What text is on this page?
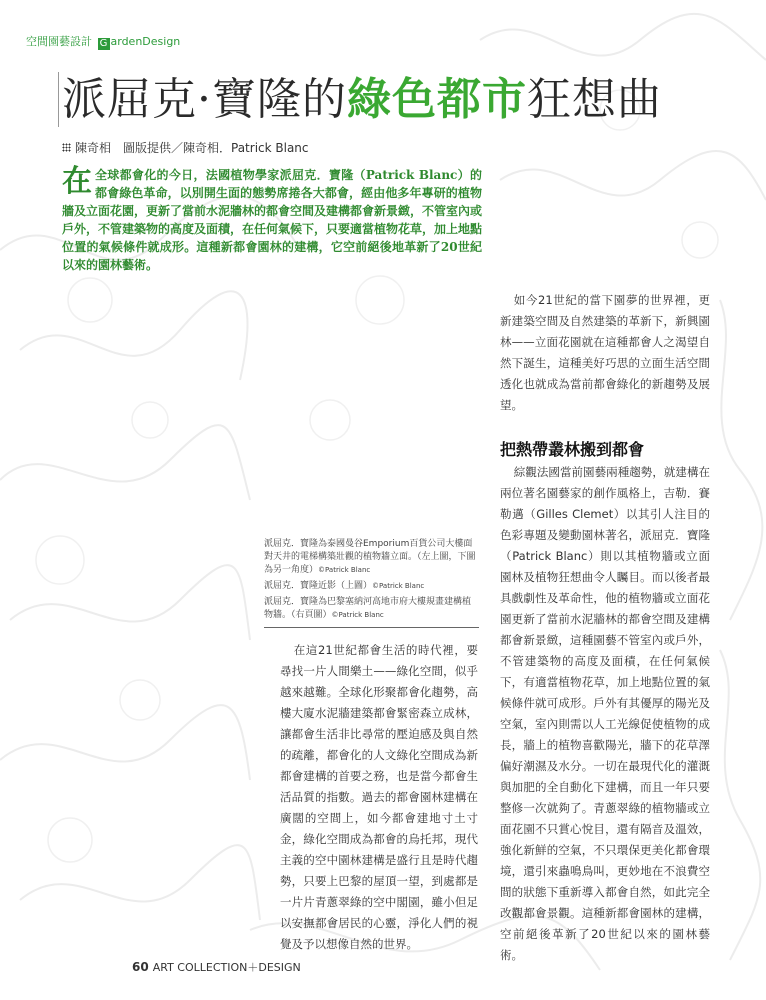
空間園藝設計 G ardenDesign
派屈克·寶隆的綠色都市狂想曲
陳奇相　圖版提供／陳奇相．Patrick Blanc
在全球都會化的今日，法國植物學家派屈克．寶隆（Patrick Blanc）的都會綠色革命，以別開生面的態勢席捲各大都會，經由他多年專研的植物牆及立面花園，更新了當前水泥牆林的都會空間及建構都會新景緻，不管室內或戶外，不管建築物的高度及面積，在任何氣候下，只要適當植物花草，加上地點位置的氣候條件就成形。這種新都會園林的建構，它空前絕後地革新了20世紀以來的園林藝術。
如今21世紀的當下園夢的世界裡，更新建築空間及自然建築的革新下，新興園林——立面花園就在這種都會人之渴望自然下誕生，這種美好巧思的立面生活空間透化也就成為當前都會綠化的新趨勢及展望。
把熱帶叢林搬到都會
綜觀法國當前園藝兩種趨勢，就建構在兩位著名園藝家的創作風格上，吉勒．賽勒邁（Gilles Clemet）以其引人注目的色彩專題及變動園林著名，派屈克．寶隆（Patrick Blanc）則以其植物牆或立面園林及植物狂想曲令人矚目。而以後者最具戲劇性及革命性，他的植物牆或立面花園更新了當前水泥牆林的都會空間及建構都會新景緻，這種園藝不管室內或戶外，不管建築物的高度及面積，在任何氣候下，有適當植物花草，加上地點位置的氣候條件就可成形。戶外有其優厚的陽光及空氣，室內則需以人工光線促使植物的成長，牆上的植物喜歡陽光，牆下的花草澤偏好潮濕及水分。一切在最現代化的灌溉與加肥的全自動化下建構，而且一年只要整修一次就夠了。青蔥翠綠的植物牆或立面花園不只賞心悅目，還有隔音及溫效，強化新鮮的空氣，不只環保更美化都會環境，還引來蟲鳴鳥叫，更妙地在不浪費空間的狀態下重新導入都會自然，如此完全改觀都會景觀。這種新都會園林的建構，空前絕後革新了20世紀以來的園林藝術。

派屈克．寶隆為泰國曼谷Emporium百貨公司大樓面對天井的電梯構築壯觀的植物牆立面。（左上圖，下圖為另一角度）©Patrick Blanc

派屈克．寶隆近影（上圖）©Patrick Blanc

派屈克．寶隆為巴黎塞納河高地市府大樓規畫建構植物牆。（右頁圖）©Patrick Blanc

在這21世紀都會生活的時代裡，要尋找一片人間樂土——綠化空間，似乎越來越難。全球化形聚都會化趨勢，高樓大廈水泥牆建築都會緊密森立成林，讓都會生活非比尋常的壓迫感及與自然的疏離，都會化的人文綠化空間成為新都會建構的首要之務，也是當今都會生活品質的指數。過去的都會園林建構在廣闊的空間上，如今都會建地寸土寸金，綠化空間成為都會的烏托邦，現代主義的空中園林建構是盛行且是時代趨勢，只要上巴黎的屋頂一望，到處都是一片片青蔥翠綠的空中閣園，雖小但足以安撫都會居民的心靈，淨化人們的視覺及予以想像自然的世界。
60 ART COLLECTION＋DESIGN
